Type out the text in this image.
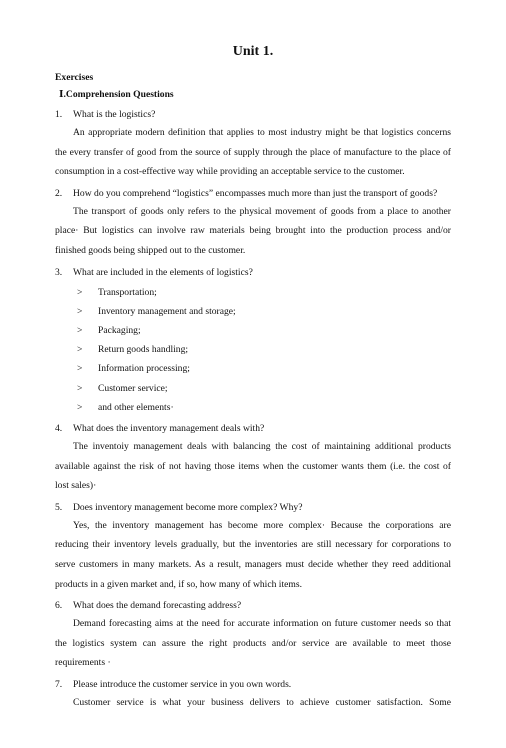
Unit 1.
Exercises
Ⅰ.Comprehension Questions
1.	What is the logistics?
An appropriate modern definition that applies to most industry might be that logistics concerns
the every transfer of good from the source of supply through the place of manufacture to the place of
consumption in a cost-effective way while providing an acceptable service to the customer.
2.	How do you comprehend “logistics” encompasses much more than just the transport of goods?
The transport of goods only refers to the physical movement of goods from a place to another
place· But logistics can involve raw materials being brought into the production process and/or
finished goods being shipped out to the customer.
3.	What are included in the elements of logistics?
>	Transportation;
>	Inventory management and storage;
>	Packaging;
>	Return goods handling;
>	Information processing;
>	Customer service;
>	and other elements·
4.	What does the inventory management deals with?
The inventoiy management deals with balancing the cost of maintaining additional products
available against the risk of not having those items when the customer wants them (i.e. the cost of
lost sales)·
5.	Does inventory management become more complex? Why?
Yes, the inventory management has become more complex· Because the corporations are
reducing their inventory levels gradually, but the inventories are still necessary for corporations to
serve customers in many markets. As a result, managers must decide whether they reed additional
products in a given market and, if so, how many of which items.
6.	What does the demand forecasting address?
Demand forecasting aims at the need for accurate information on future customer needs so that
the logistics system can assure the right products and/or service are available to meet those
requirements ·
7.	Please introduce the customer service in you own words.
Customer service is what your business delivers to achieve customer satisfaction. Some
